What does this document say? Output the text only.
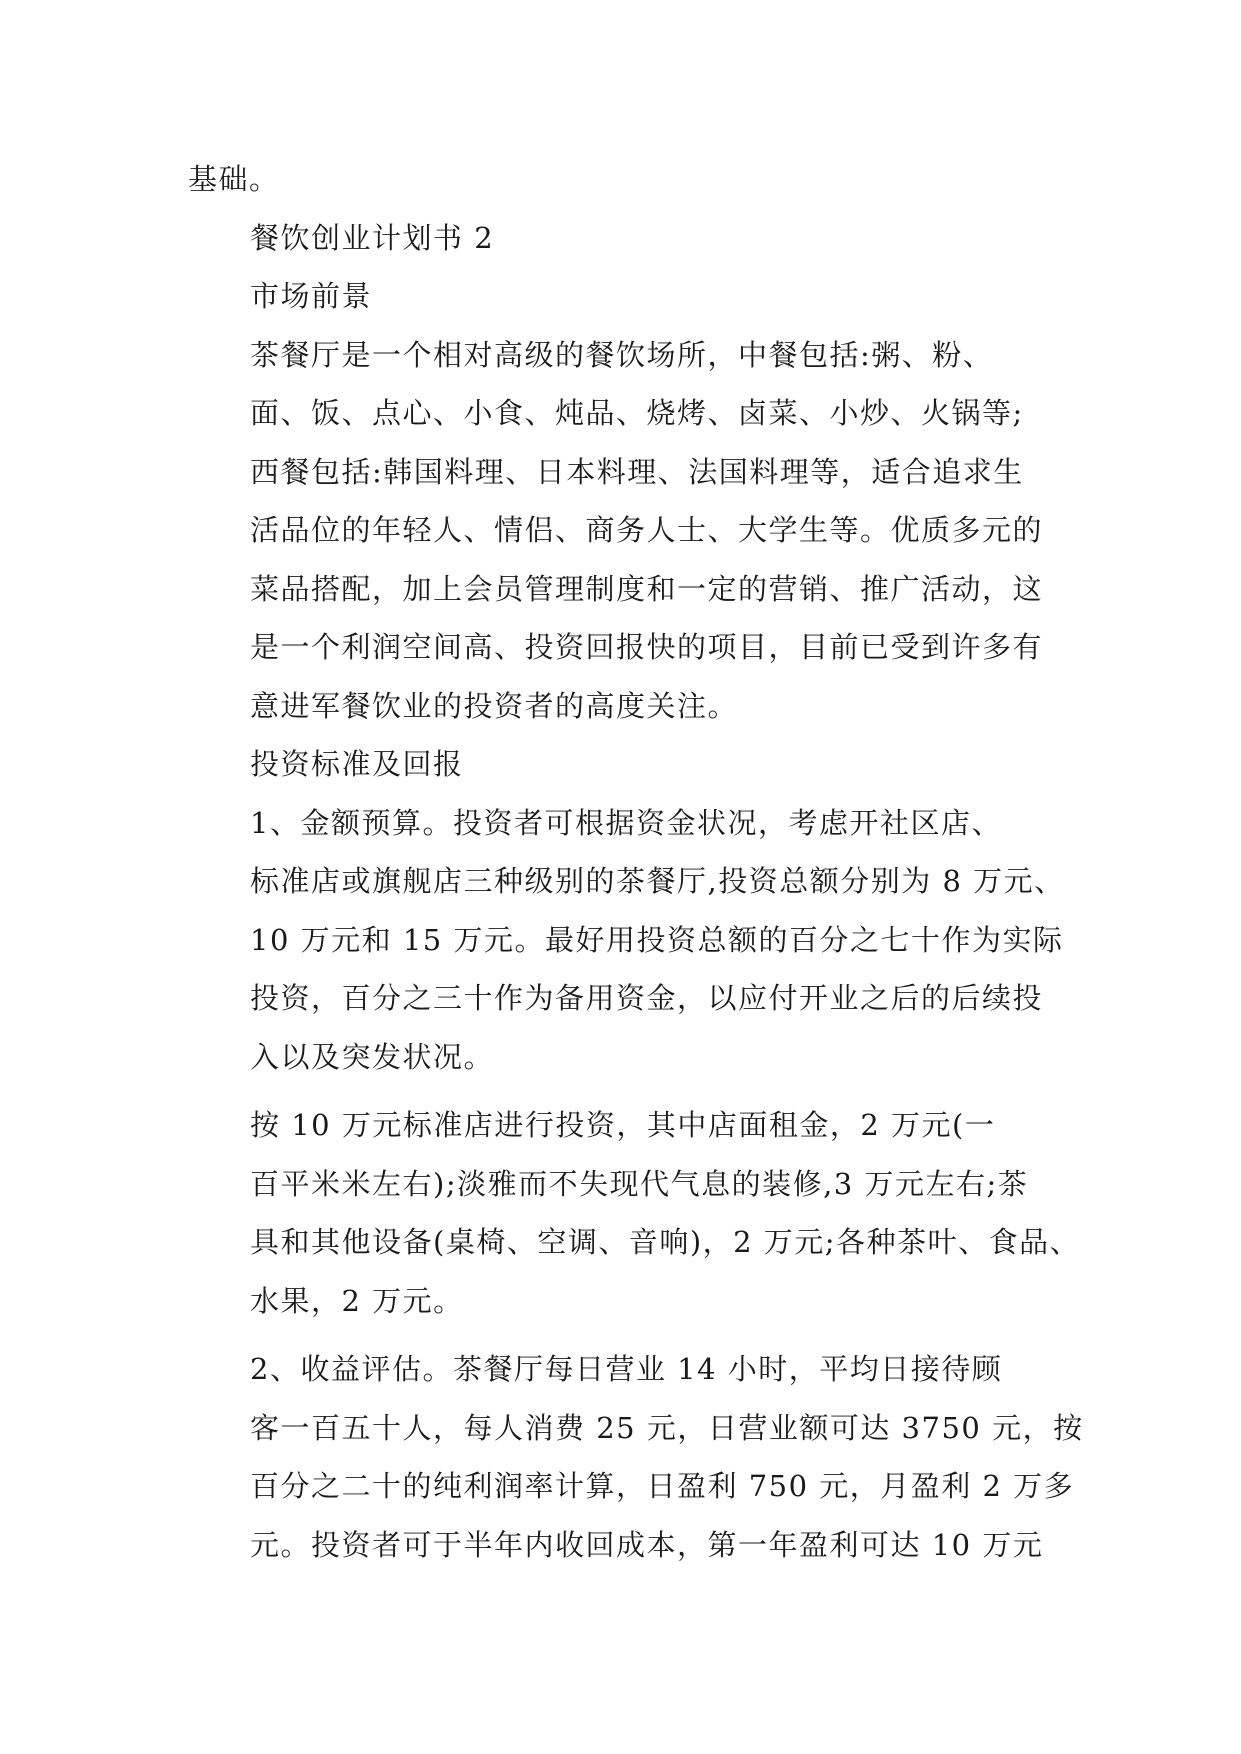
基础。

餐饮创业计划书 2

市场前景

茶餐厅是一个相对高级的餐饮场所，中餐包括:粥、粉、
面、饭、点心、小食、炖品、烧烤、卤菜、小炒、火锅等;
西餐包括:韩国料理、日本料理、法国料理等，适合追求生
活品位的年轻人、情侣、商务人士、大学生等。优质多元的
菜品搭配，加上会员管理制度和一定的营销、推广活动，这
是一个利润空间高、投资回报快的项目，目前已受到许多有
意进军餐饮业的投资者的高度关注。

投资标准及回报

1、金额预算。投资者可根据资金状况，考虑开社区店、
标准店或旗舰店三种级别的茶餐厅,投资总额分别为 8 万元、
10 万元和 15 万元。最好用投资总额的百分之七十作为实际
投资，百分之三十作为备用资金，以应付开业之后的后续投
入以及突发状况。

按 10 万元标准店进行投资，其中店面租金，2 万元(一
百平米米左右);淡雅而不失现代气息的装修,3 万元左右;茶
具和其他设备(桌椅、空调、音响)，2 万元;各种茶叶、食品、
水果，2 万元。

2、收益评估。茶餐厅每日营业 14 小时，平均日接待顾
客一百五十人，每人消费 25 元，日营业额可达 3750 元，按
百分之二十的纯利润率计算，日盈利 750 元，月盈利 2 万多
元。投资者可于半年内收回成本，第一年盈利可达 10 万元
